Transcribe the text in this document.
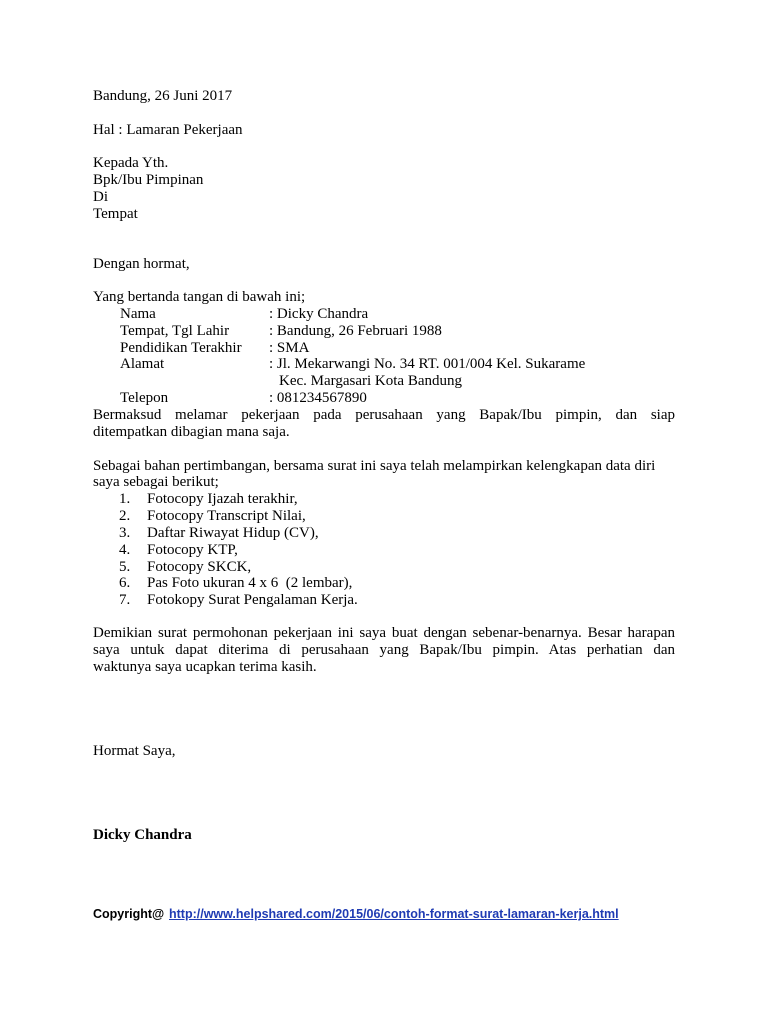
Bandung, 26 Juni 2017
Hal : Lamaran Pekerjaan
Kepada Yth.
Bpk/Ibu Pimpinan
Di
Tempat
Dengan hormat,
Yang bertanda tangan di bawah ini;
Nama	: Dicky Chandra
Tempat, Tgl Lahir	: Bandung, 26 Februari 1988
Pendidikan Terakhir : SMA
Alamat	: Jl. Mekarwangi No. 34 RT. 001/004 Kel. Sukarame
Kec. Margasari Kota Bandung
Telepon	: 081234567890
Bermaksud melamar pekerjaan pada perusahaan yang Bapak/Ibu pimpin, dan siap
ditempatkan dibagian mana saja.
Sebagai bahan pertimbangan, bersama surat ini saya telah melampirkan kelengkapan data diri
saya sebagai berikut;
1. Fotocopy Ijazah terakhir,
2. Fotocopy Transcript Nilai,
3. Daftar Riwayat Hidup (CV),
4. Fotocopy KTP,
5. Fotocopy SKCK,
6. Pas Foto ukuran 4 x 6  (2 lembar),
7. Fotokopy Surat Pengalaman Kerja.
Demikian surat permohonan pekerjaan ini saya buat dengan sebenar-benarnya. Besar harapan
saya untuk dapat diterima di perusahaan yang Bapak/Ibu pimpin. Atas perhatian dan
waktunya saya ucapkan terima kasih.
Hormat Saya,
Dicky Chandra
Copyright@ http://www.helpshared.com/2015/06/contoh-format-surat-lamaran-kerja.html
